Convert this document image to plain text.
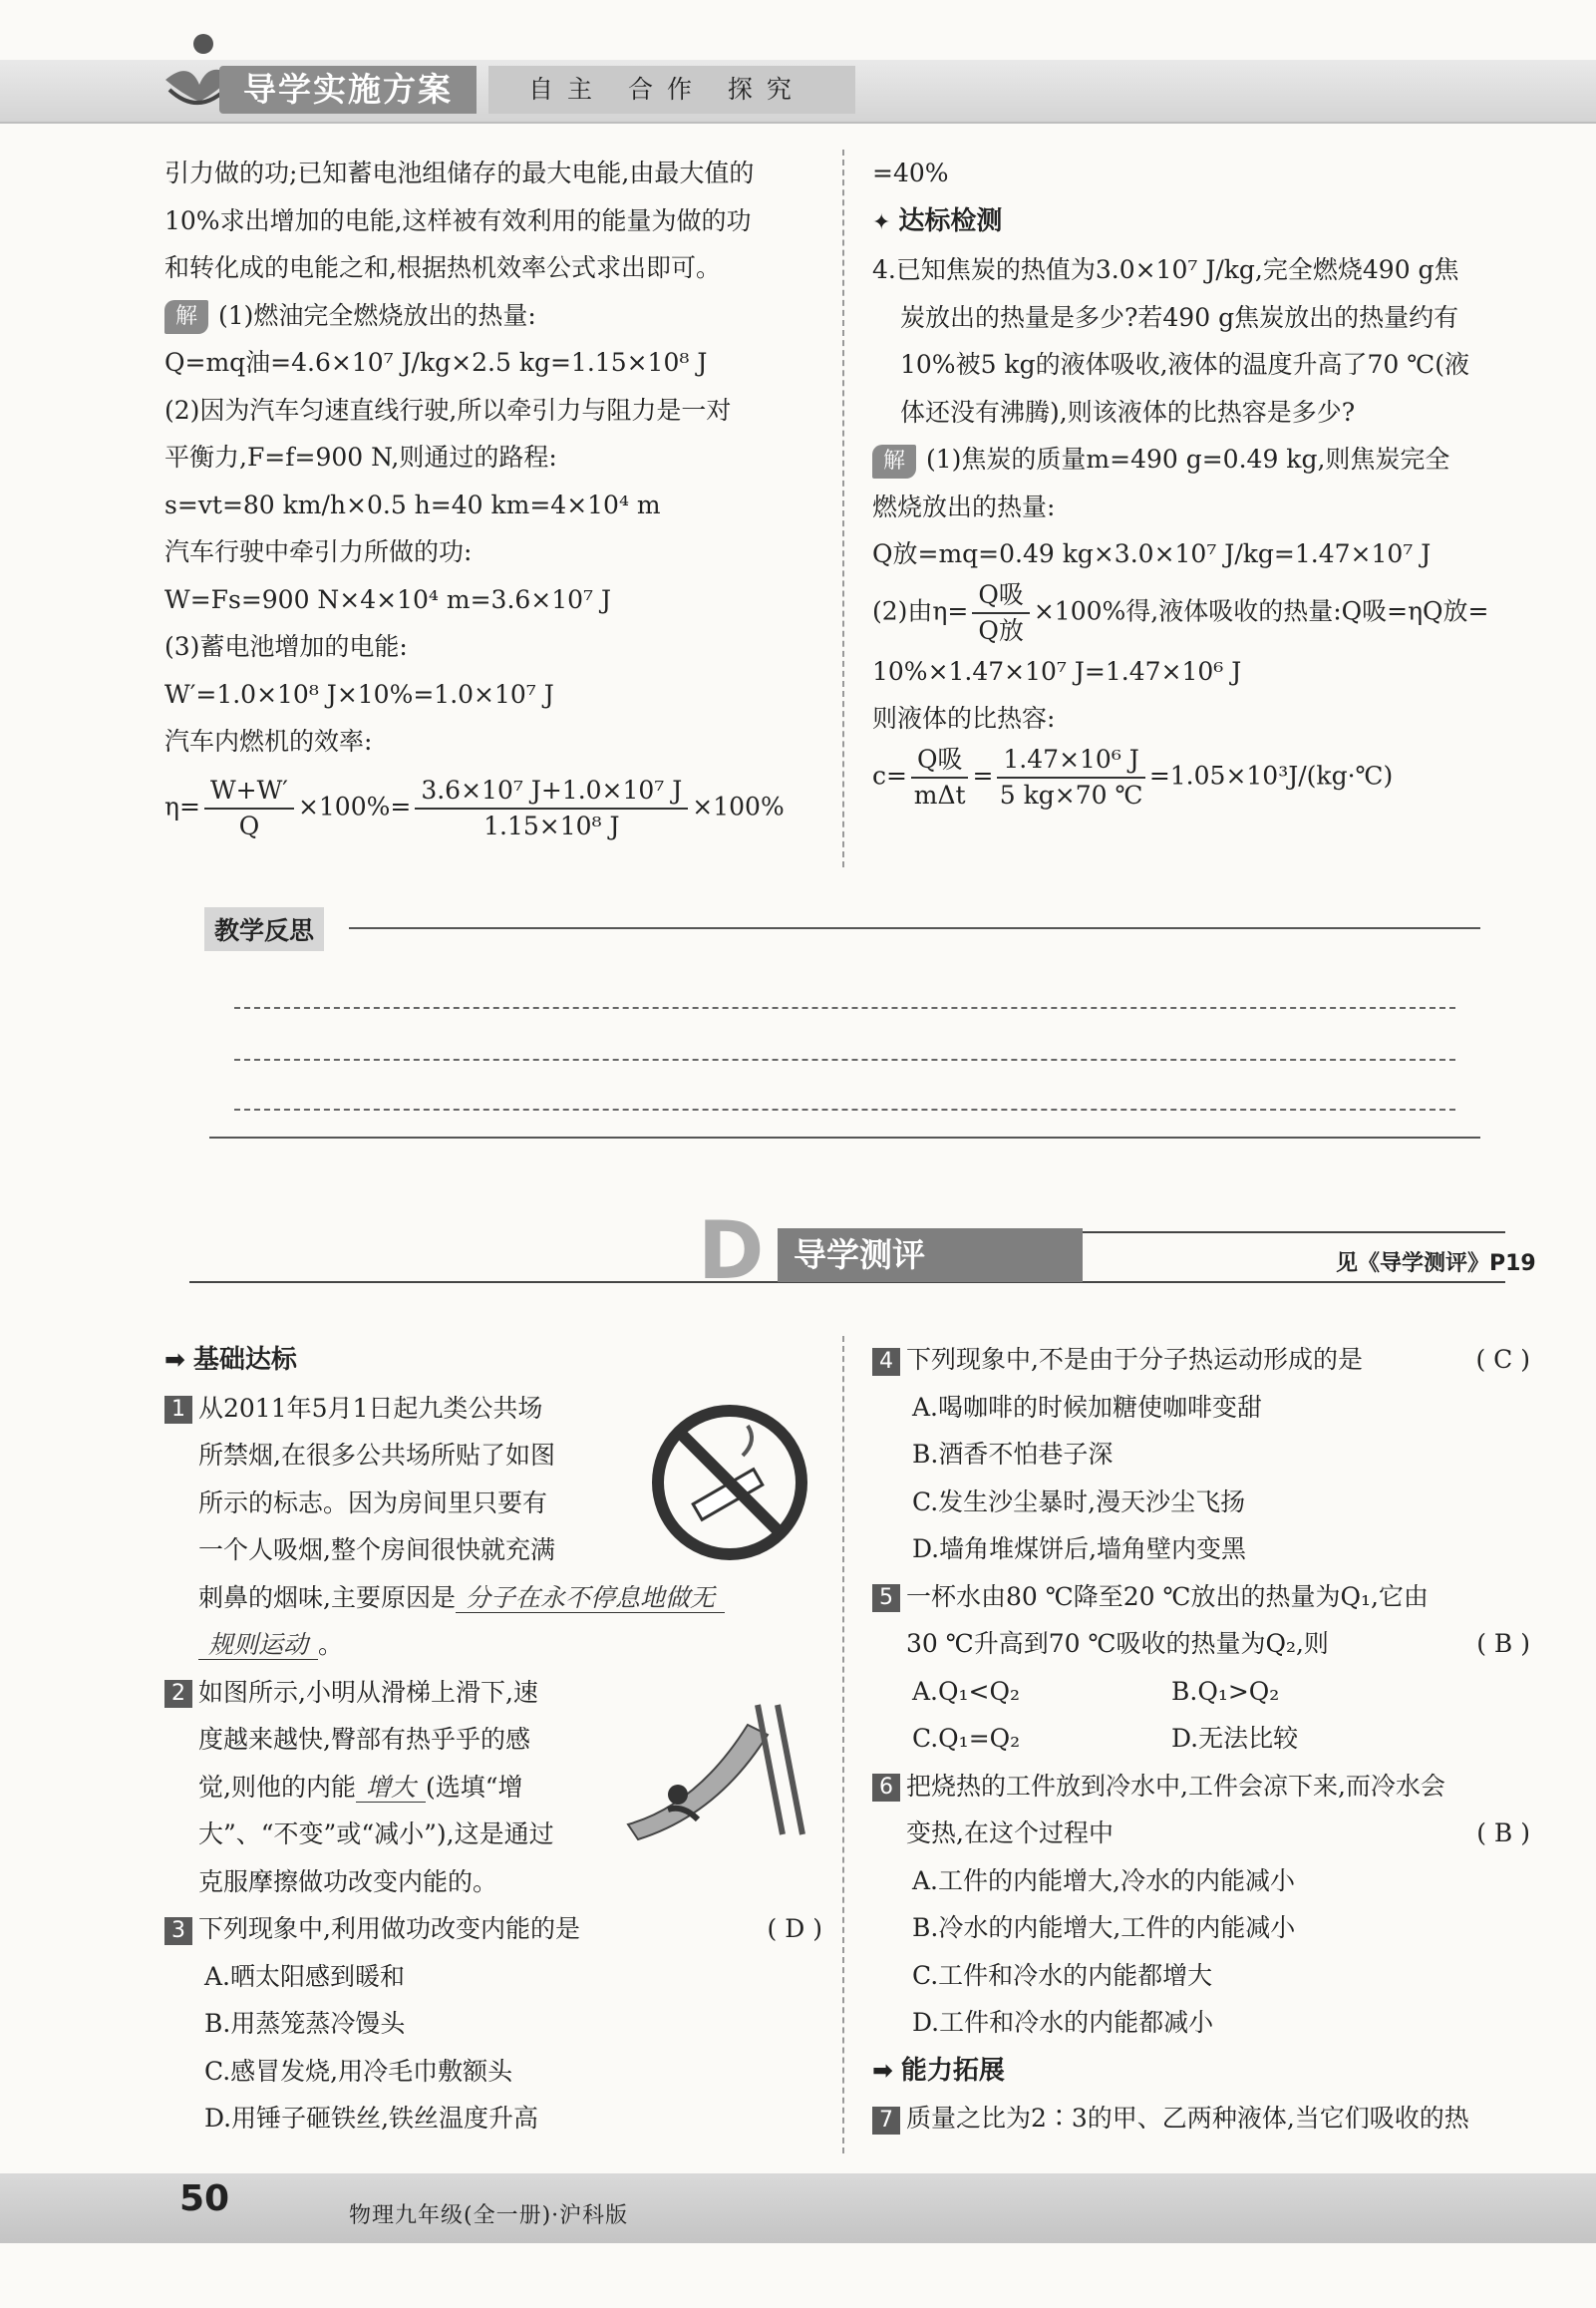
导学实施方案	自主 合作 探究

引力做的功;已知蓄电池组储存的最大电能,由最大值的

10%求出增加的电能,这样被有效利用的能量为做的功

和转化成的电能之和,根据热机效率公式求出即可。

解 (1)燃油完全燃烧放出的热量:

Q=mq油=4.6×10⁷ J/kg×2.5 kg=1.15×10⁸ J

(2)因为汽车匀速直线行驶,所以牵引力与阻力是一对

平衡力,F=f=900 N,则通过的路程:

s=vt=80 km/h×0.5 h=40 km=4×10⁴ m

汽车行驶中牵引力所做的功:

W=Fs=900 N×4×10⁴ m=3.6×10⁷ J

(3)蓄电池增加的电能:

W′=1.0×10⁸ J×10%=1.0×10⁷ J

汽车内燃机的效率:

$\eta= \frac{W+W'}{Q} \times 100\%= \frac{\text{3.6×10⁷ J+1.0×10⁷ J}}{\text{1.15×10⁸ J}} \times 100\%$

=40%

✦ 达标检测

4.已知焦炭的热值为3.0×10⁷ J/kg,完全燃烧490 g焦

炭放出的热量是多少?若490 g焦炭放出的热量约有

10%被5 kg的液体吸收,液体的温度升高了70 ℃(液

体还没有沸腾),则该液体的比热容是多少?

解 (1)焦炭的质量m=490 g=0.49 kg,则焦炭完全

燃烧放出的热量:

Q放=mq=0.49 kg×3.0×10⁷ J/kg=1.47×10⁷ J

(2)由$\eta= \frac{\text{Q吸}}{\text{Q放}} \times 100\%$得,液体吸收的热量:Q吸=ηQ放=

10%×1.47×10⁷ J=1.47×10⁶ J

则液体的比热容:

$c= \frac{\text{Q吸}}{\text{mΔt}} = \frac{\text{1.47×10⁶ J}}{5 kg\times 70 ℃}$ =1.05×10³J/(kg·℃)

教学反思
D 导学测评	见《导学测评》P19

➡ 基础达标

1 从2011年5月1日起九类公共场

所禁烟,在很多公共场所贴了如图

所示的标志。因为房间里只要有

一个人吸烟,整个房间很快就充满

刺鼻的烟味,主要原因是 分子在永不停息地做无

规则运动 。

2 如图所示,小明从滑梯上滑下,速

度越来越快,臀部有热乎乎的感

觉,则他的内能 增大 (选填“增

大”、“不变”或“减小”),这是通过

克服摩擦做功改变内能的。

3 下列现象中,利用做功改变内能的是	( D )

A.晒太阳感到暖和

B.用蒸笼蒸冷馒头

C.感冒发烧,用冷毛巾敷额头

D.用锤子砸铁丝,铁丝温度升高

4 下列现象中,不是由于分子热运动形成的是	( C )

A.喝咖啡的时候加糖使咖啡变甜

B.酒香不怕巷子深

C.发生沙尘暴时,漫天沙尘飞扬

D.墙角堆煤饼后,墙角壁内变黑

5 一杯水由80 ℃降至20 ℃放出的热量为Q₁,它由

30 ℃升高到70 ℃吸收的热量为Q₂,则	( B )

A.Q₁<Q₂	B.Q₁>Q₂

C.Q₁=Q₂	D.无法比较

6 把烧热的工件放到冷水中,工件会凉下来,而冷水会

变热,在这个过程中	( B )

A.工件的内能增大,冷水的内能减小

B.冷水的内能增大,工件的内能减小

C.工件和冷水的内能都增大

D.工件和冷水的内能都减小

➡ 能力拓展

7 质量之比为2∶3的甲、乙两种液体,当它们吸收的热

50	物理九年级(全一册)·沪科版
